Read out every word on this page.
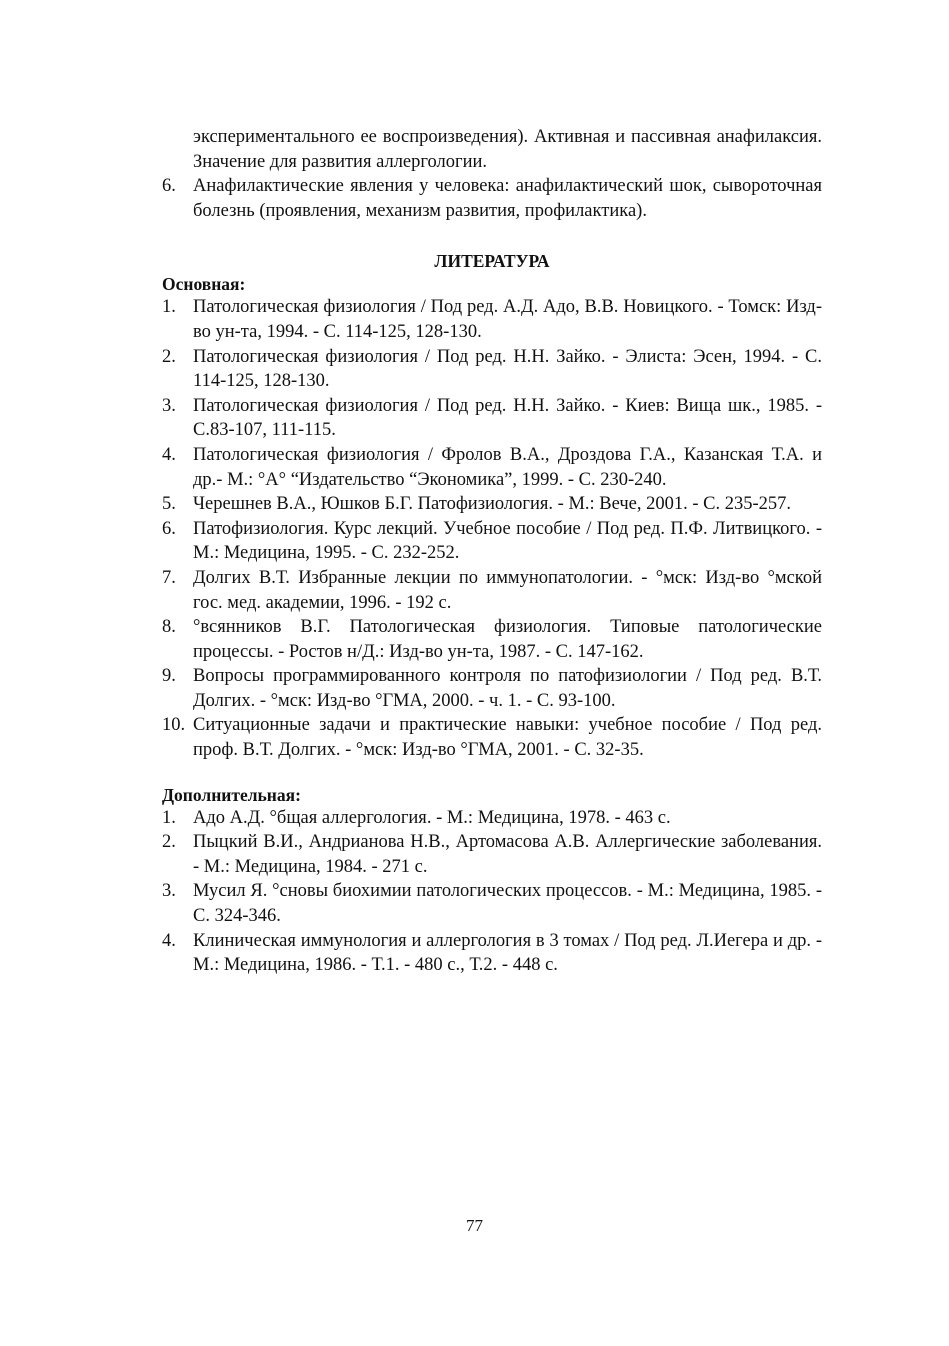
экспериментального ее воспроизведения). Активная и пассивная анафилаксия. Значение для развития аллергологии.
6. Анафилактические явления у человека: анафилактический шок, сывороточная болезнь (проявления, механизм развития, профилактика).
ЛИТЕРАТУРА
Основная:
1. Патологическая физиология / Под ред. А.Д. Адо, В.В. Новицкого. - Томск: Изд-во ун-та, 1994. - С. 114-125, 128-130.
2. Патологическая физиология / Под ред. Н.Н. Зайко. - Элиста: Эсен, 1994. - С. 114-125, 128-130.
3. Патологическая физиология / Под ред. Н.Н. Зайко. - Киев: Вища шк., 1985. - С.83-107, 111-115.
4. Патологическая физиология / Фролов В.А., Дроздова Г.А., Казанская Т.А. и др.- М.: °А° “Издательство “Экономика”, 1999. - С. 230-240.
5. Черешнев В.А., Юшков Б.Г. Патофизиология. - М.: Вече, 2001. - С. 235-257.
6. Патофизиология. Курс лекций. Учебное пособие / Под ред. П.Ф. Литвицкого. - М.: Медицина, 1995. - С. 232-252.
7. Долгих В.Т. Избранные лекции по иммунопатологии. - °мск: Изд-во °мской гос. мед. академии, 1996. - 192 с.
8. °всянников В.Г. Патологическая физиология. Типовые патологические процессы. - Ростов н/Д.: Изд-во ун-та, 1987. - С. 147-162.
9. Вопросы программированного контроля по патофизиологии / Под ред. В.Т. Долгих. - °мск: Изд-во °ГМА, 2000. - ч. 1. - С. 93-100.
10. Ситуационные задачи и практические навыки: учебное пособие / Под ред. проф. В.Т. Долгих. - °мск: Изд-во °ГМА, 2001. - С. 32-35.
Дополнительная:
1. Адо А.Д. °бщая аллергология. - М.: Медицина, 1978. - 463 с.
2. Пыцкий В.И., Андрианова Н.В., Артомасова А.В. Аллергические заболевания. - М.: Медицина, 1984. - 271 с.
3. Мусил Я. °сновы биохимии патологических процессов. - М.: Медицина, 1985. - С. 324-346.
4. Клиническая иммунология и аллергология в 3 томах / Под ред. Л.Иегера и др. - М.: Медицина, 1986. - Т.1. - 480 с., Т.2. - 448 с.
77
